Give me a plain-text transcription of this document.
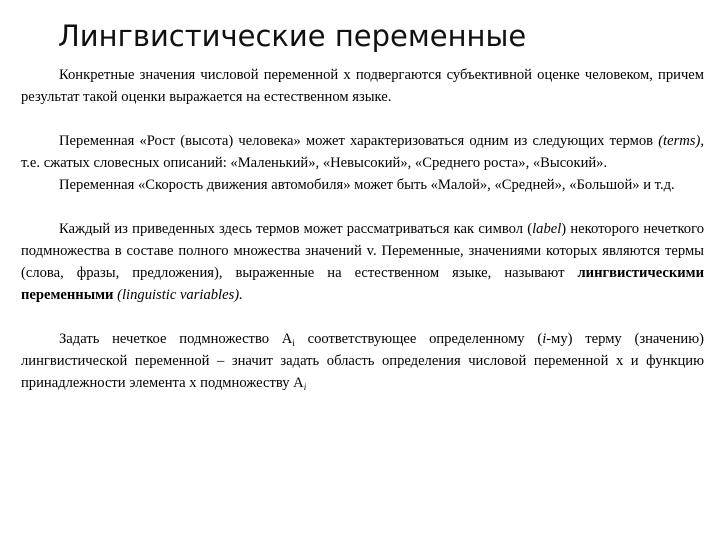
Лингвистические переменные

Конкретные значения числовой переменной х подвергаются субъективной оценке человеком, причем результат такой оценки выражается на естественном языке.

Переменная «Рост (высота) человека» может характеризоваться одним из следующих термов (terms), т.е. сжатых словесных описаний: «Маленький», «Невысокий», «Среднего роста», «Высокий».

Переменная «Скорость движения автомобиля» может быть «Малой», «Средней», «Большой» и т.д.

Каждый из приведенных здесь термов может рассматриваться как символ (label) некоторого нечеткого подмножества в составе полного множества значений v. Переменные, значениями которых являются термы (слова, фразы, предложения), выраженные на естественном языке, называют лингвистическими переменными (linguistic variables).

Задать нечеткое подмножество $А_i$ соответствующее определенному (i-му) терму (значению) лингвистической переменной – значит задать область определения числовой переменной х и функцию принадлежности элемента х подмножеству $А_i$
